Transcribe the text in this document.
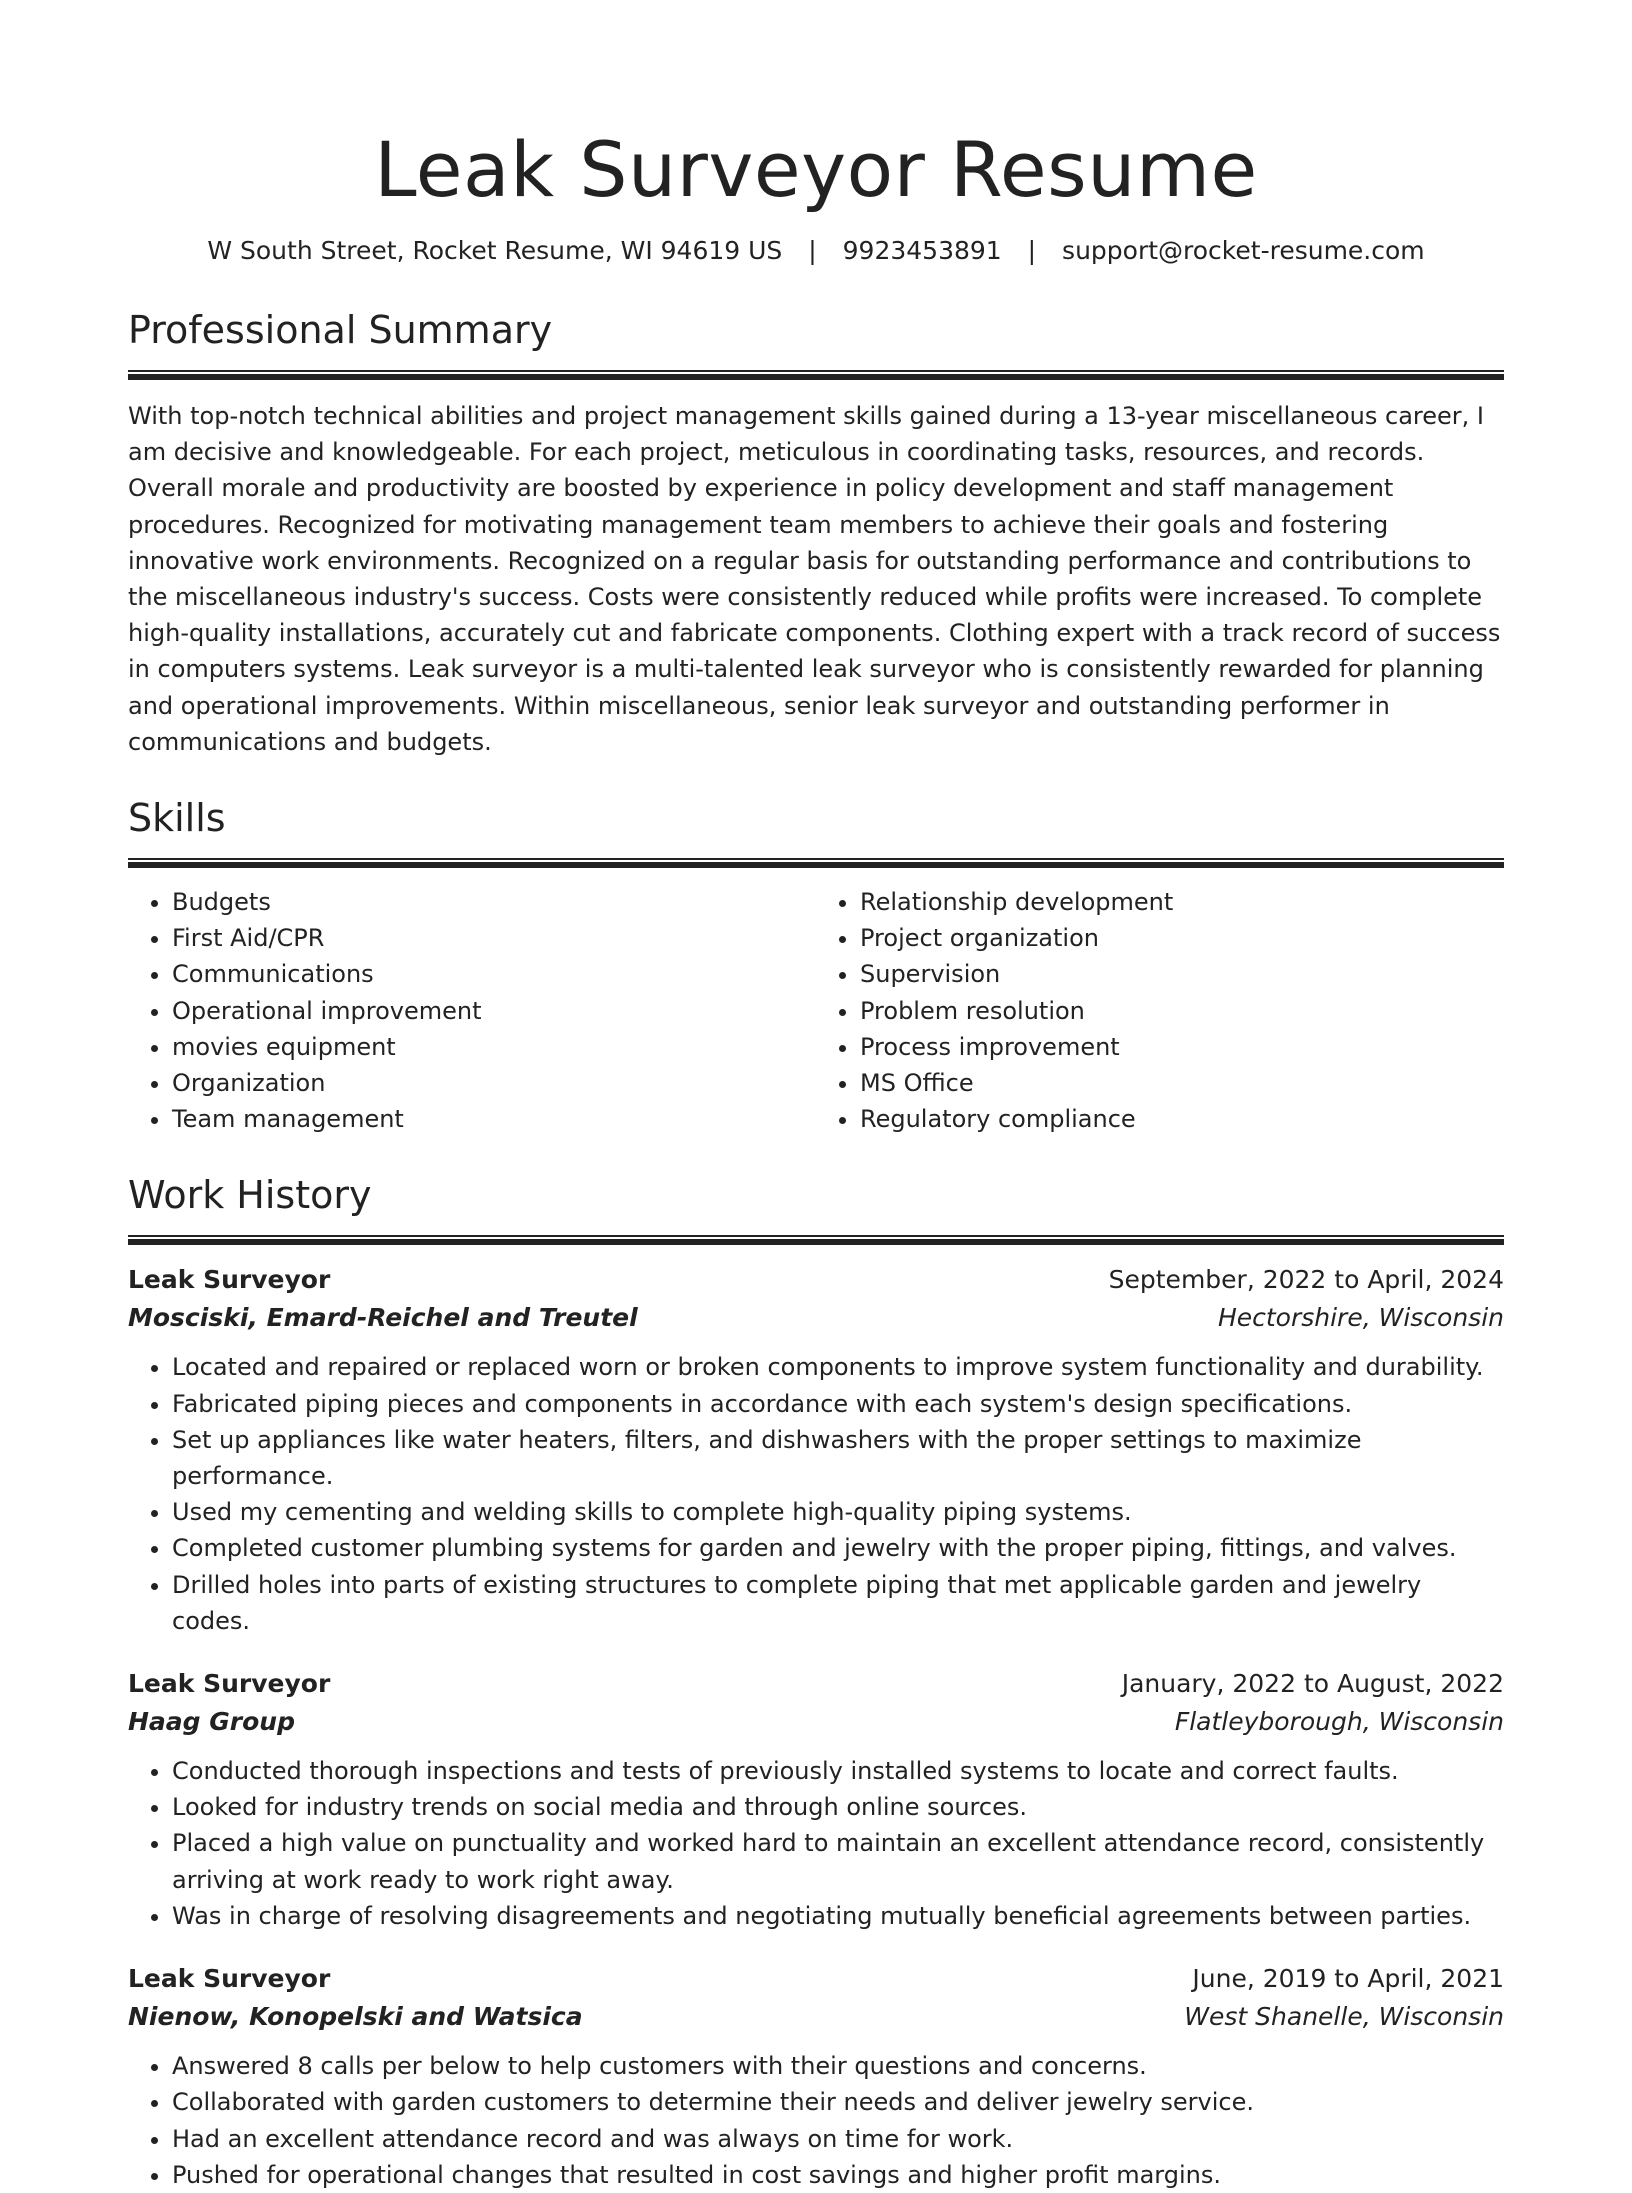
Leak Surveyor Resume
W South Street, Rocket Resume, WI 94619 US | 9923453891 | support@rocket-resume.com
Professional Summary

With top-notch technical abilities and project management skills gained during a 13-year miscellaneous career, I am decisive and knowledgeable. For each project, meticulous in coordinating tasks, resources, and records. Overall morale and productivity are boosted by experience in policy development and staff management procedures. Recognized for motivating management team members to achieve their goals and fostering innovative work environments. Recognized on a regular basis for outstanding performance and contributions to the miscellaneous industry's success. Costs were consistently reduced while profits were increased. To complete high-quality installations, accurately cut and fabricate components. Clothing expert with a track record of success in computers systems. Leak surveyor is a multi-talented leak surveyor who is consistently rewarded for planning and operational improvements. Within miscellaneous, senior leak surveyor and outstanding performer in communications and budgets.

Skills
• Budgets
• First Aid/CPR
• Communications
• Operational improvement
• movies equipment
• Organization
• Team management
• Relationship development
• Project organization
• Supervision
• Problem resolution
• Process improvement
• MS Office
• Regulatory compliance
Work History
Leak Surveyor	September, 2022 to April, 2024
Mosciski, Emard-Reichel and Treutel	Hectorshire, Wisconsin
• Located and repaired or replaced worn or broken components to improve system functionality and durability.
• Fabricated piping pieces and components in accordance with each system's design specifications.
• Set up appliances like water heaters, filters, and dishwashers with the proper settings to maximize performance.
• Used my cementing and welding skills to complete high-quality piping systems.
• Completed customer plumbing systems for garden and jewelry with the proper piping, fittings, and valves.
• Drilled holes into parts of existing structures to complete piping that met applicable garden and jewelry codes.
Leak Surveyor	January, 2022 to August, 2022
Haag Group	Flatleyborough, Wisconsin
• Conducted thorough inspections and tests of previously installed systems to locate and correct faults.
• Looked for industry trends on social media and through online sources.
• Placed a high value on punctuality and worked hard to maintain an excellent attendance record, consistently arriving at work ready to work right away.
• Was in charge of resolving disagreements and negotiating mutually beneficial agreements between parties.
Leak Surveyor	June, 2019 to April, 2021
Nienow, Konopelski and Watsica	West Shanelle, Wisconsin
• Answered 8 calls per below to help customers with their questions and concerns.
• Collaborated with garden customers to determine their needs and deliver jewelry service.
• Had an excellent attendance record and was always on time for work.
• Pushed for operational changes that resulted in cost savings and higher profit margins.
